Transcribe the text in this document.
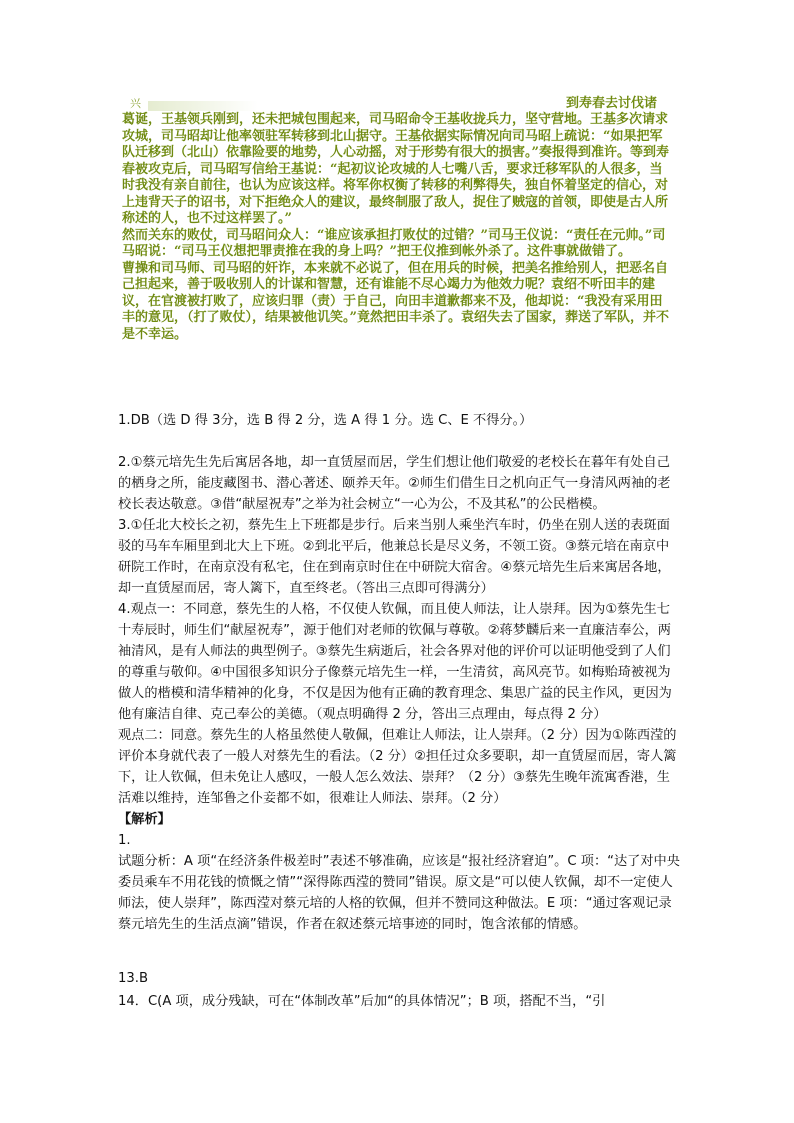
兴	到寿春去讨伐诸

葛诞，王基领兵刚到，还未把城包围起来，司马昭命令王基收拢兵力，坚守营地。王基多次请求攻城，司马昭却让他率领驻军转移到北山据守。王基依据实际情况向司马昭上疏说：“如果把军队迁移到（北山）依靠险要的地势，人心动摇，对于形势有很大的损害。”奏报得到准许。等到寿春被攻克后，司马昭写信给王基说：“起初议论攻城的人七嘴八舌，要求迁移军队的人很多，当时我没有亲自前往，也认为应该这样。将军你权衡了转移的利弊得失，独自怀着坚定的信心，对上违背天子的诏书，对下拒绝众人的建议，最终制服了敌人，捉住了贼寇的首领，即使是古人所称述的人，也不过这样罢了。”

然而关东的败仗，司马昭问众人：“谁应该承担打败仗的过错？”司马王仪说：“责任在元帅。”司马昭说：“司马王仪想把罪责推在我的身上吗？”把王仪推到帐外杀了。这件事就做错了。

曹操和司马师、司马昭的奸诈，本来就不必说了，但在用兵的时候，把美名推给别人，把恶名自己担起来，善于吸收别人的计谋和智慧，还有谁能不尽心竭力为他效力呢？袁绍不听田丰的建议，在官渡被打败了，应该归罪（责）于自己，向田丰道歉都来不及，他却说：“我没有采用田丰的意见，（打了败仗），结果被他讥笑。”竟然把田丰杀了。袁绍失去了国家，葬送了军队，并不是不幸运。

1.DB（选 D 得 3分，选 B 得 2 分，选 A 得 1 分。选 C、E 不得分。）

2.①蔡元培先生先后寓居各地，却一直赁屋而居，学生们想让他们敬爱的老校长在暮年有处自己的栖身之所，能庋藏图书、潜心著述、颐养天年。②师生们借生日之机向正气一身清风两袖的老校长表达敬意。③借“献屋祝寿”之举为社会树立“一心为公，不及其私”的公民楷模。

3.①任北大校长之初，蔡先生上下班都是步行。后来当别人乘坐汽车时，仍坐在别人送的表斑面驳的马车车厢里到北大上下班。②到北平后，他兼总长是尽义务，不领工资。③蔡元培在南京中研院工作时，在南京没有私宅，住在到南京时住在中研院大宿舍。④蔡元培先生后来寓居各地，却一直赁屋而居，寄人篱下，直至终老。（答出三点即可得满分）

4.观点一：不同意，蔡先生的人格，不仅使人钦佩，而且使人师法，让人崇拜。因为①蔡先生七十寿辰时，师生们“献屋祝寿”，源于他们对老师的钦佩与尊敬。②蒋梦麟后来一直廉洁奉公，两袖清风，是有人师法的典型例子。③蔡先生病逝后，社会各界对他的评价可以证明他受到了人们的尊重与敬仰。④中国很多知识分子像蔡元培先生一样，一生清贫，高风亮节。如梅贻琦被视为做人的楷模和清华精神的化身，不仅是因为他有正确的教育理念、集思广益的民主作风，更因为他有廉洁自律、克己奉公的美德。（观点明确得 2 分，答出三点理由，每点得 2 分）

观点二：同意。蔡先生的人格虽然使人敬佩，但难让人师法，让人崇拜。（2 分）因为①陈西滢的评价本身就代表了一般人对蔡先生的看法。（2 分）②担任过众多要职，却一直赁屋而居，寄人篱下，让人钦佩，但未免让人感叹，一般人怎么效法、崇拜？（2 分）③蔡先生晚年流寓香港，生活难以维持，连邹鲁之仆妾都不如，很难让人师法、崇拜。（2 分）

【解析】

1.

试题分析：A 项“在经济条件极差时”表述不够准确，应该是“报社经济窘迫”。C 项：“达了对中央委员乘车不用花钱的愤慨之情”“深得陈西滢的赞同”错误。原文是“可以使人钦佩，却不一定使人师法，使人崇拜”，陈西滢对蔡元培的人格的钦佩，但并不赞同这种做法。E 项：“通过客观记录蔡元培先生的生活点滴”错误，作者在叙述蔡元培事迹的同时，饱含浓郁的情感。

13.B

14．C(A 项，成分残缺，可在“体制改革”后加“的具体情况”；B 项，搭配不当，“引
